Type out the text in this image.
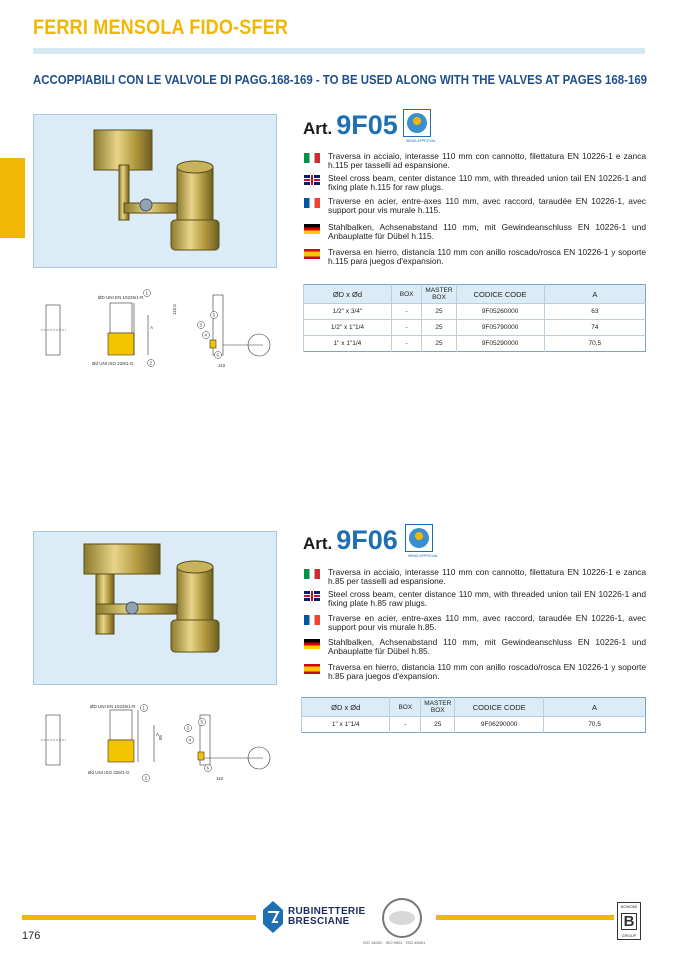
FERRI MENSOLA FIDO-SFER
ACCOPPIABILI CON LE VALVOLE DI PAGG.168-169 - TO BE USED ALONG WITH THE VALVES AT PAGES 168-169
Art. 9F05
WRAS APPROVAL
Traversa in acciaio, interasse 110 mm con cannotto, filettatura EN 10226-1 e zanca h.115 per tasselli ad espansione.
Steel cross beam, center distance 110 mm, with threaded union tail EN 10226-1 and fixing plate h.115 for raw plugs.
Traverse en acier, entre-axes 110 mm, avec raccord, taraudée EN 10226-1, avec support pour vis murale h.115.
Stahlbalken, Achsenabstand 110 mm, mit Gewindeanschluss EN 10226-1 und Anbauplatte für Dübel h.115.
Traversa en hierro, distancia 110 mm con anillo roscado/rosca EN 10226-1 y soporte h.115 para juegos d'expansion.
ØD x Ød	BOX	MASTER BOX	CODICE CODE	A
1/2" x 3/4"	-	25	9F05260000	63
1/2" x 1"1/4	-	25	9F05790000	74
1" x 1"1/4	-	25	9F05290000	70,5
ØD UNI EN 10226/1-R
Ød UNI ISO 228/1-G
115,5
110
A
1
2
3
4
5
6
Art. 9F06
WRAS APPROVAL
Traversa in acciaio, interasse 110 mm con cannotto, filettatura EN 10226-1 e zanca h.85 per tasselli ad espansione.
Steel cross beam, center distance 110 mm, with threaded union tail EN 10226-1 and fixing plate h.85 raw plugs.
Traverse en acier, entre-axes 110 mm, avec raccord, taraudée EN 10226-1, avec support pour vis murale h.85.
Stahlbalken, Achsenabstand 110 mm, mit Gewindeanschluss EN 10226-1 und Anbauplatte für Dübel h.85.
Traversa en hierro, distancia 110 mm con anillo roscado/rosca EN 10226-1 y soporte h.85 para juegos d'expansion.
ØD x Ød	BOX	MASTER BOX	CODICE CODE	A
1" x 1"1/4	-	25	9F06290000	70,5
ØD UNI EN 10226/1-R
Ød UNI ISO 228/1-G
85
110
A
1
2
3
4
5
6
RUBINETTERIE
BRESCIANE
ISO 14001 · ISO 9001 · ISO 45001
BONOMI
B
GROUP
176
